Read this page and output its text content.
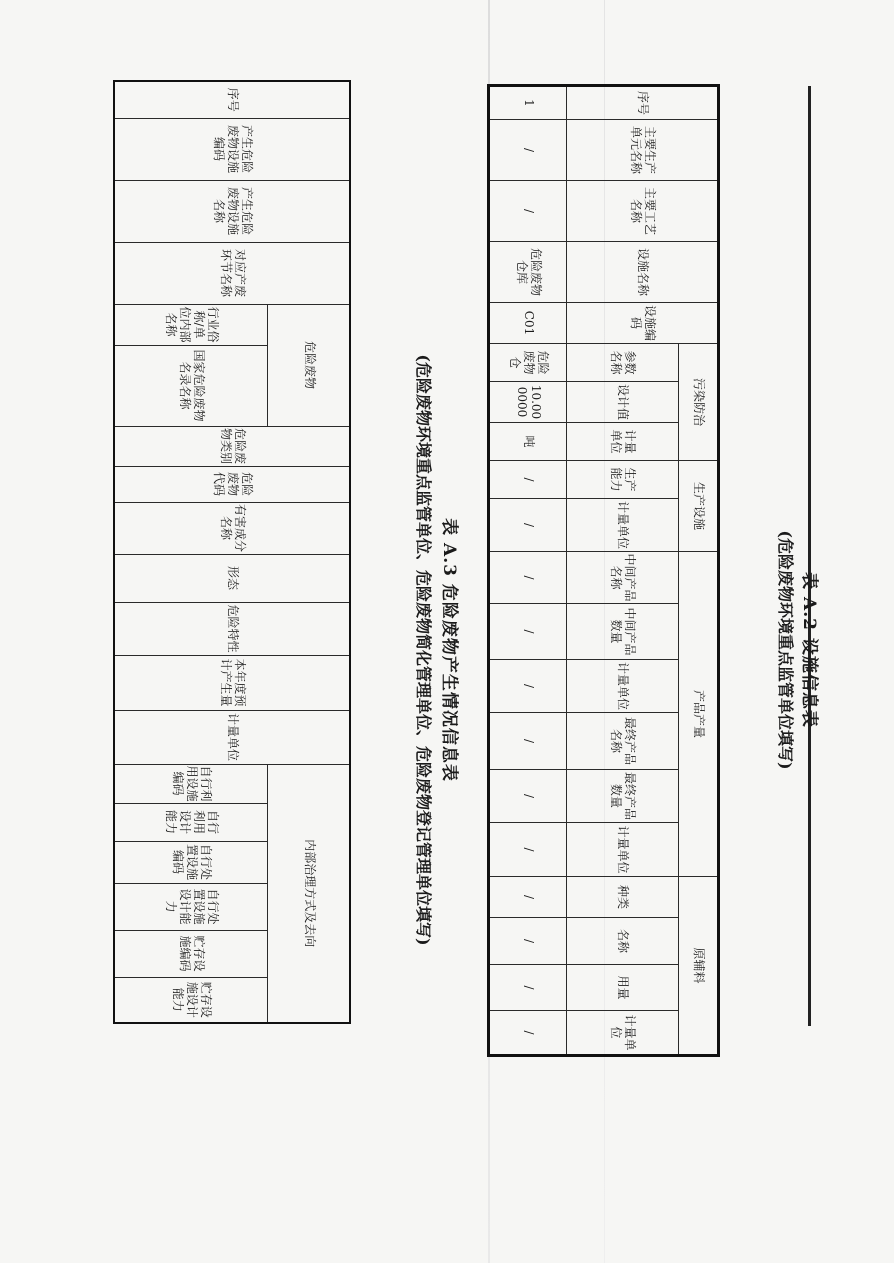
表 A.2 设施信息表
(危险废物环境重点监管单位填写)
序号	主要生产单元名称	主要工艺名称	设施名称	设施编码	污染防治			生产设施		产品产量						原辅料			
					参数名称	设计值	计量单位	生产能力	计量单位	中间产品名称	中间产品数量	计量单位	最终产品名称	最终产品数量	计量单位	种类	名称	用量	计量单位
1	/	/	危险废物仓库	C01	危险废物仓	10.00 0000	吨	/	/	/	/	/	/	/	/	/	/	/	/
表 A.3 危险废物产生情况信息表
(危险废物环境重点监管单位、危险废物简化管理单位、危险废物登记管理单位填写)
序号	产生危险废物设施编码	产生危险废物设施名称	对应产废环节名称	危险废物		危险废物类别	危险废物代码	有害成分名称	形态	危险特性	本年度预计产生量	计量单位	内部治理方式及去向					
				行业俗称/单位内部名称	国家危险废物名录名称								自行利用设施编码	自行利用设计能力	自行处置设施编码	自行处置设施设计能力	贮存设施编码	贮存设施设计能力
